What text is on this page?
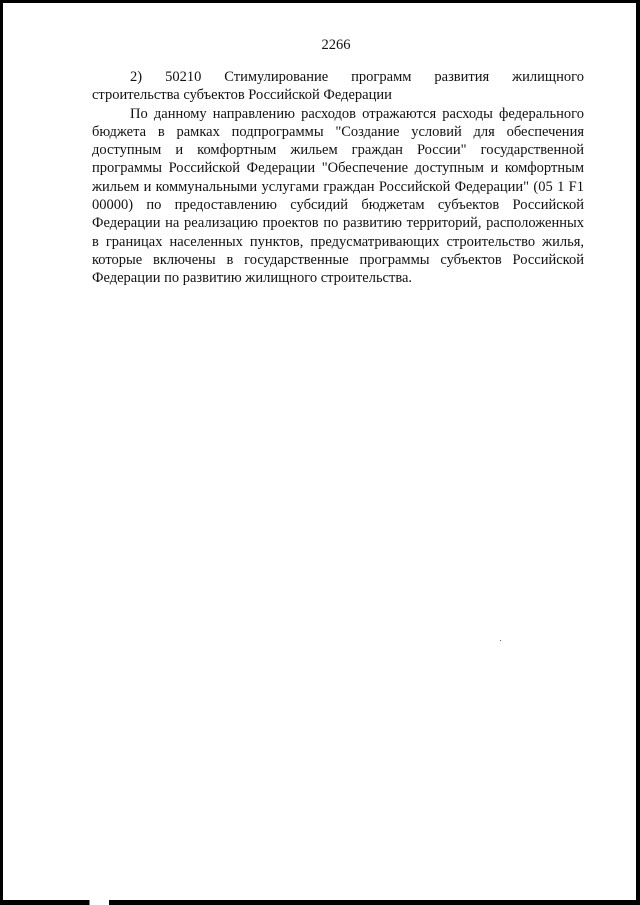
2266
2) 50210 Стимулирование программ развития жилищного
строительства субъектов Российской Федерации

По данному направлению расходов отражаются расходы федерального бюджета в рамках подпрограммы "Создание условий для обеспечения доступным и комфортным жильем граждан России" государственной программы Российской Федерации "Обеспечение доступным и комфортным жильем и коммунальными услугами граждан Российской Федерации" (05 1 F1 00000) по предоставлению субсидий бюджетам субъектов Российской Федерации на реализацию проектов по развитию территорий, расположенных в границах населенных пунктов, предусматривающих строительство жилья, которые включены в государственные программы субъектов Российской Федерации по развитию жилищного строительства.
